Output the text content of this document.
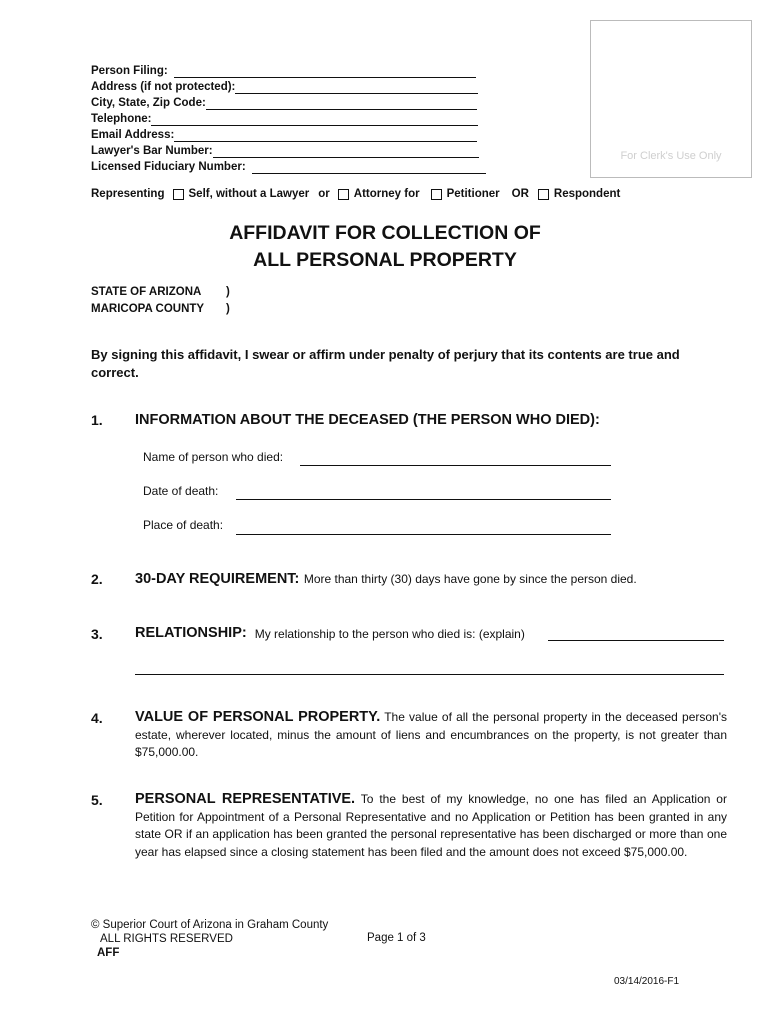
For Clerk's Use Only
Person Filing:
Address (if not protected):
City, State, Zip Code:
Telephone:
Email Address:
Lawyer's Bar Number:
Licensed Fiduciary Number:
Representing Self, without a Lawyer or Attorney for Petitioner OR Respondent
AFFIDAVIT FOR COLLECTION OF
ALL PERSONAL PROPERTY
STATE OF ARIZONA )
MARICOPA COUNTY )
By signing this affidavit, I swear or affirm under penalty of perjury that its contents are true and correct.
1. INFORMATION ABOUT THE DECEASED (THE PERSON WHO DIED):
Name of person who died:
Date of death:
Place of death:
2. 30-DAY REQUIREMENT: More than thirty (30) days have gone by since the person died.
3. RELATIONSHIP: My relationship to the person who died is: (explain)
4. VALUE OF PERSONAL PROPERTY. The value of all the personal property in the deceased person's estate, wherever located, minus the amount of liens and encumbrances on the property, is not greater than $75,000.00.
5. PERSONAL REPRESENTATIVE. To the best of my knowledge, no one has filed an Application or Petition for Appointment of a Personal Representative and no Application or Petition has been granted in any state OR if an application has been granted the personal representative has been discharged or more than one year has elapsed since a closing statement has been filed and the amount does not exceed $75,000.00.
© Superior Court of Arizona in Graham County
ALL RIGHTS RESERVED
AFF
Page 1 of 3
03/14/2016-F1
